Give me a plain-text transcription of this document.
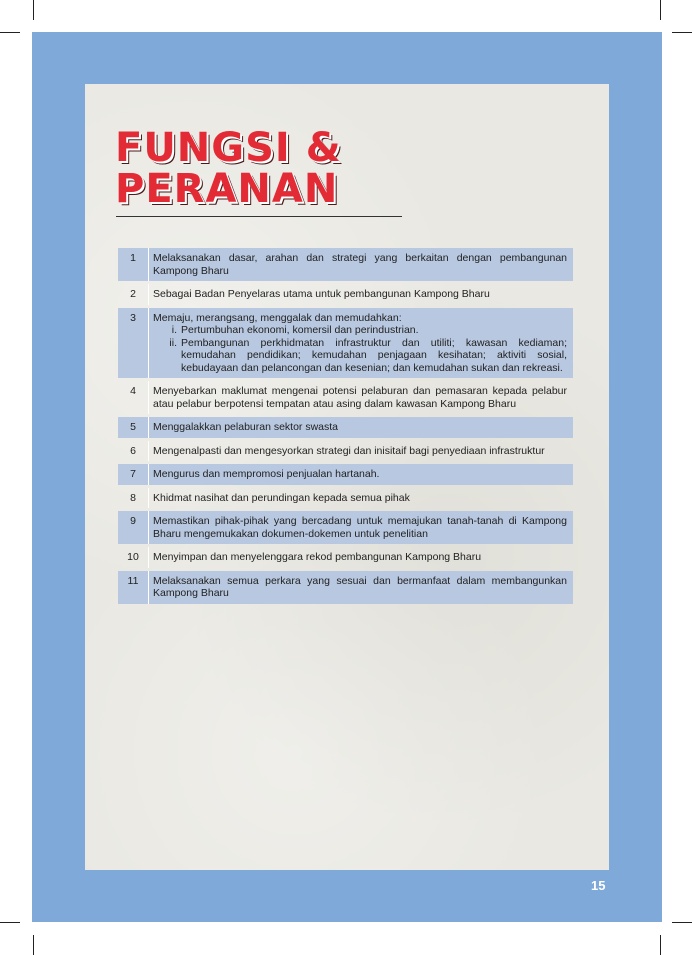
FUNGSI &
PERANAN
1	Melaksanakan dasar, arahan dan strategi yang berkaitan dengan pembangunan Kampong Bharu
2	Sebagai Badan Penyelaras utama untuk pembangunan Kampong Bharu
3	Memaju, merangsang, menggalak dan memudahkan:
i. Pertumbuhan ekonomi, komersil dan perindustrian.
ii. Pembangunan perkhidmatan infrastruktur dan utiliti; kawasan kediaman; kemudahan pendidikan; kemudahan penjagaan kesihatan; aktiviti sosial, kebudayaan dan pelancongan dan kesenian; dan kemudahan sukan dan rekreasi.
4	Menyebarkan maklumat mengenai potensi pelaburan dan pemasaran kepada pelabur atau pelabur berpotensi tempatan atau asing dalam kawasan Kampong Bharu
5	Menggalakkan pelaburan sektor swasta
6	Mengenalpasti dan mengesyorkan strategi dan inisitaif bagi penyediaan infrastruktur
7	Mengurus dan mempromosi penjualan hartanah.
8	Khidmat nasihat dan perundingan kepada semua pihak
9	Memastikan pihak-pihak yang bercadang untuk memajukan tanah-tanah di Kampong Bharu mengemukakan dokumen-dokemen untuk penelitian
10	Menyimpan dan menyelenggara rekod pembangunan Kampong Bharu
11	Melaksanakan semua perkara yang sesuai dan bermanfaat dalam membangunkan Kampong Bharu
15
